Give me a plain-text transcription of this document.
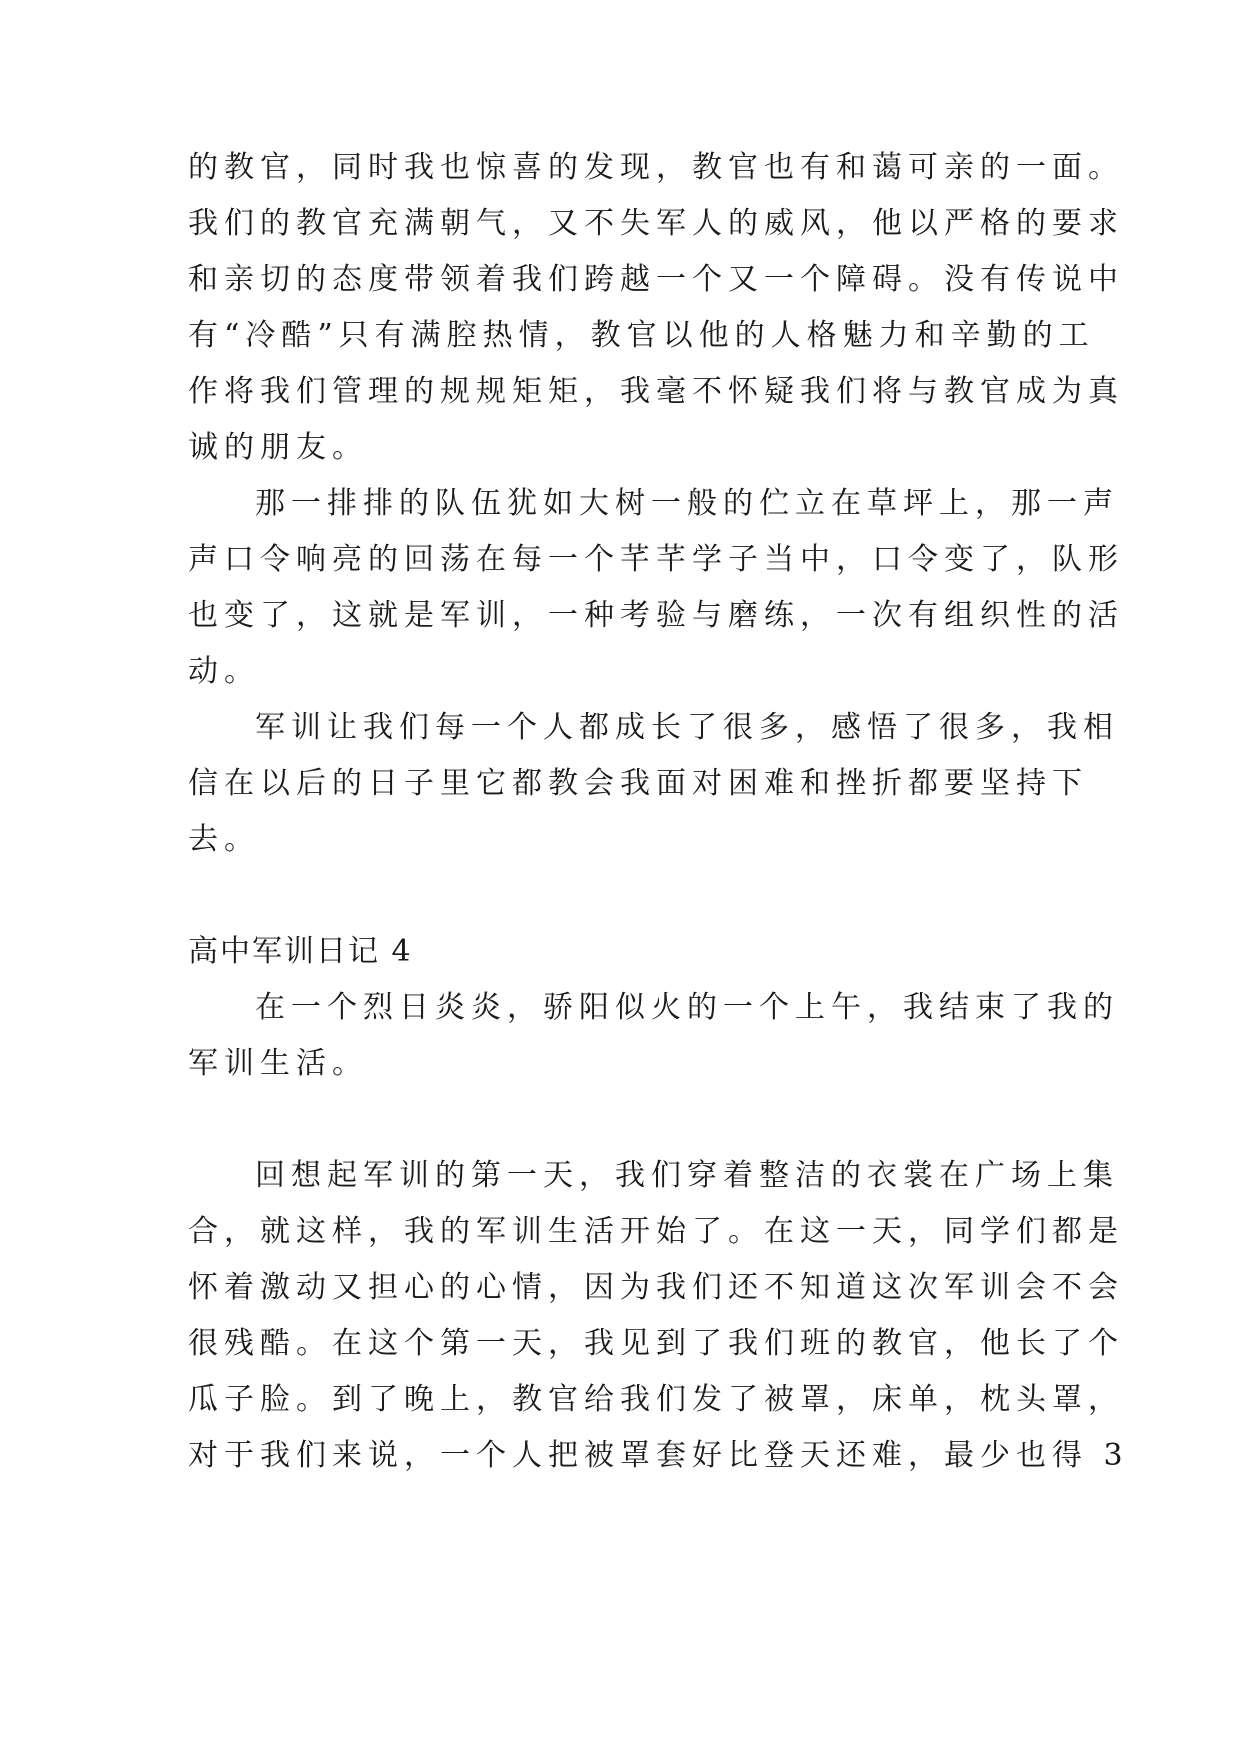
的教官，同时我也惊喜的发现，教官也有和蔼可亲的一面。
我们的教官充满朝气，又不失军人的威风，他以严格的要求
和亲切的态度带领着我们跨越一个又一个障碍。没有传说中
有“冷酷”只有满腔热情，教官以他的人格魅力和辛勤的工
作将我们管理的规规矩矩，我毫不怀疑我们将与教官成为真
诚的朋友。
那一排排的队伍犹如大树一般的伫立在草坪上，那一声
声口令响亮的回荡在每一个芊芊学子当中，口令变了，队形
也变了，这就是军训，一种考验与磨练，一次有组织性的活
动。
军训让我们每一个人都成长了很多，感悟了很多，我相
信在以后的日子里它都教会我面对困难和挫折都要坚持下
去。
高中军训日记 4
在一个烈日炎炎，骄阳似火的一个上午，我结束了我的
军训生活。
回想起军训的第一天，我们穿着整洁的衣裳在广场上集
合，就这样，我的军训生活开始了。在这一天，同学们都是
怀着激动又担心的心情，因为我们还不知道这次军训会不会
很残酷。在这个第一天，我见到了我们班的教官，他长了个
瓜子脸。到了晚上，教官给我们发了被罩，床单，枕头罩，
对于我们来说，一个人把被罩套好比登天还难，最少也得 3
